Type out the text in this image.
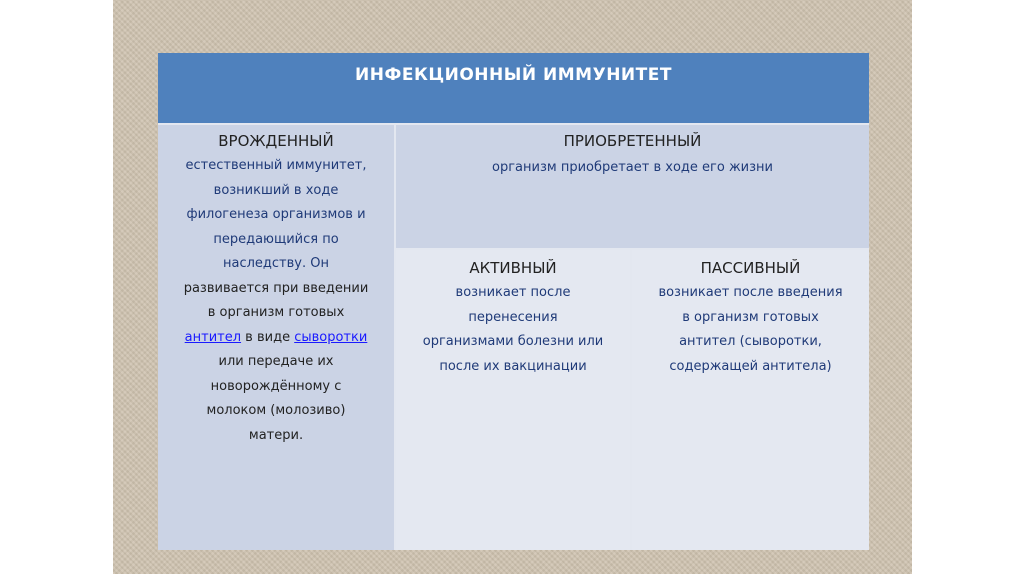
ИНФЕКЦИОННЫЙ ИММУНИТЕТ

ВРОЖДЕННЫЙ

естественный иммунитет,
возникший в ходе
филогенеза организмов и
передающийся по
наследству. Он
развивается при введении
в организм готовых
антител в виде сыворотки
или передаче их
новорождённому с
молоком (молозиво)
матери.

ПРИОБРЕТЕННЫЙ

организм приобретает в ходе его жизни

АКТИВНЫЙ

возникает после
перенесения
организмами болезни или
после их вакцинации

ПАССИВНЫЙ

возникает после введения
в организм готовых
антител (сыворотки,
содержащей антитела)
